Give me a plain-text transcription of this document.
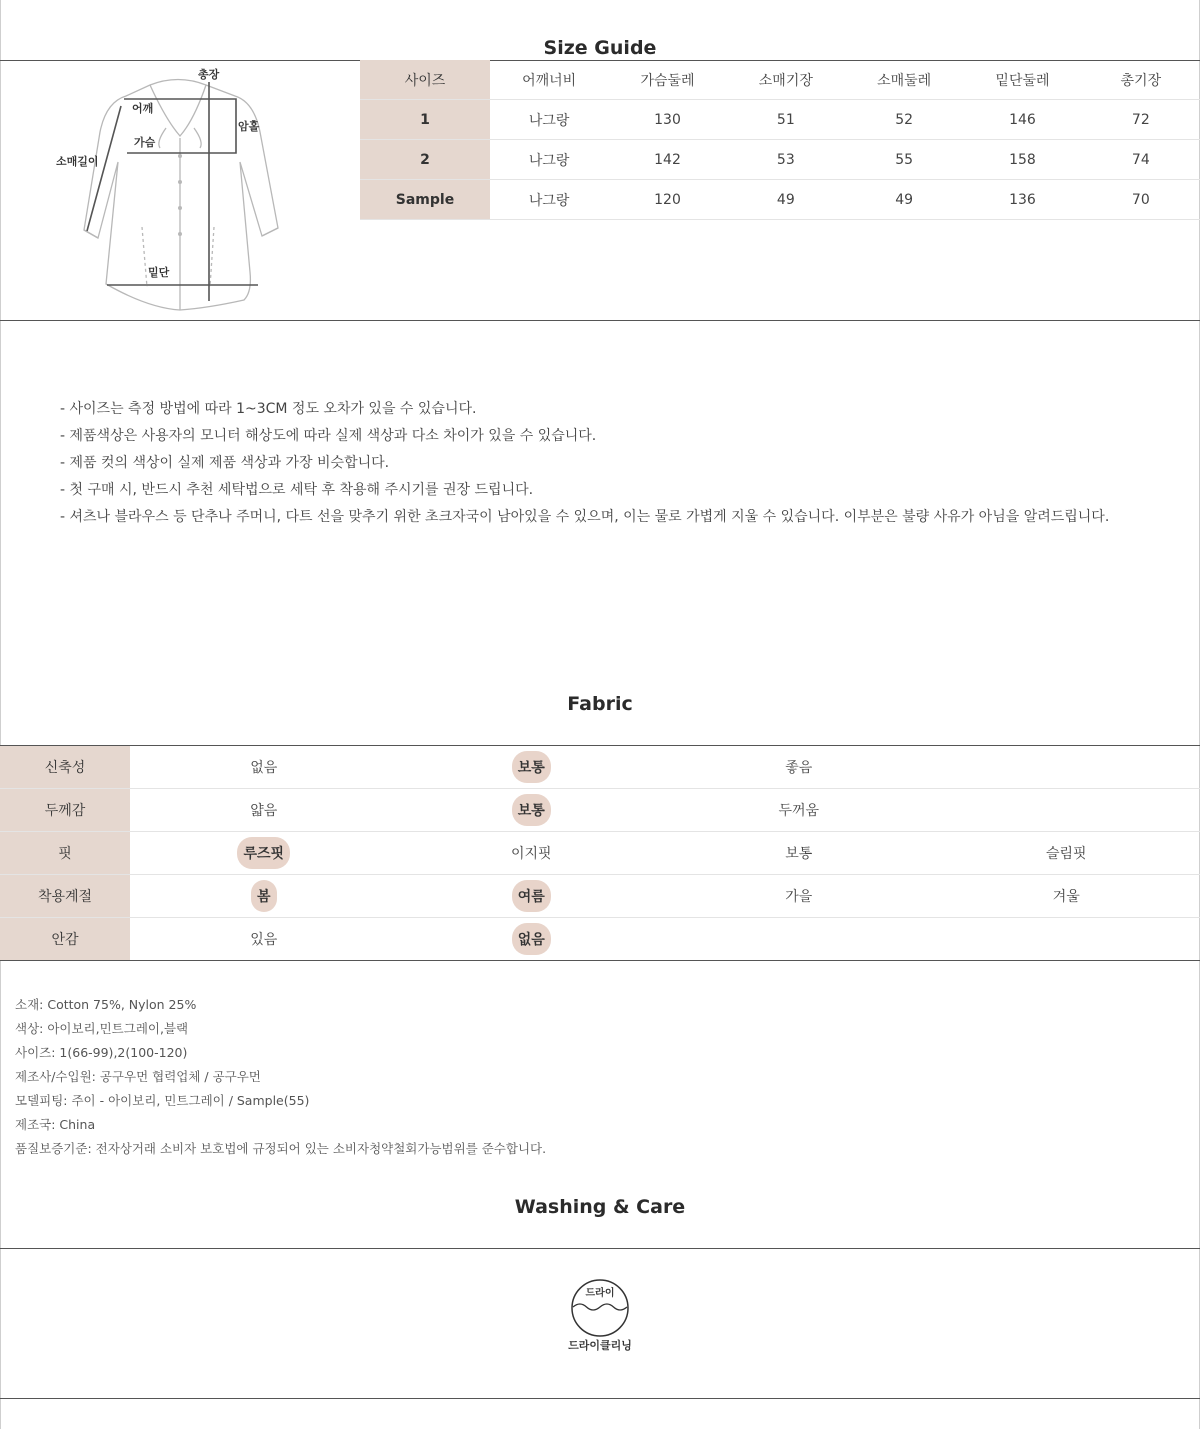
Size Guide
총장
어깨
암홀
가슴
소매길이
밑단
사이즈	어깨너비	가슴둘레	소매기장	소매둘레	밑단둘레	총기장
1	나그랑	130	51	52	146	72
2	나그랑	142	53	55	158	74
Sample	나그랑	120	49	49	136	70
- 사이즈는 측정 방법에 따라 1~3CM 정도 오차가 있을 수 있습니다.
- 제품색상은 사용자의 모니터 해상도에 따라 실제 색상과 다소 차이가 있을 수 있습니다.
- 제품 컷의 색상이 실제 제품 색상과 가장 비슷합니다.
- 첫 구매 시, 반드시 추천 세탁법으로 세탁 후 착용해 주시기를 권장 드립니다.
- 셔츠나 블라우스 등 단추나 주머니, 다트 선을 맞추기 위한 초크자국이 남아있을 수 있으며, 이는 물로 가볍게 지울 수 있습니다. 이부분은 불량 사유가 아님을 알려드립니다.
Fabric
신축성	없음	보통	좋음	
두께감	얇음	보통	두꺼움	
핏	루즈핏	이지핏	보통	슬림핏
착용계절	봄	여름	가을	겨울
안감	있음	없음		
소재: Cotton 75%, Nylon 25%
색상: 아이보리,민트그레이,블랙
사이즈: 1(66-99),2(100-120)
제조사/수입원: 공구우먼 협력업체 / 공구우먼
모델피팅: 주이 - 아이보리, 민트그레이 / Sample(55)
제조국: China
품질보증기준: 전자상거래 소비자 보호법에 규정되어 있는 소비자청약철회가능범위를 준수합니다.
Washing & Care
드라이
드라이클리닝
